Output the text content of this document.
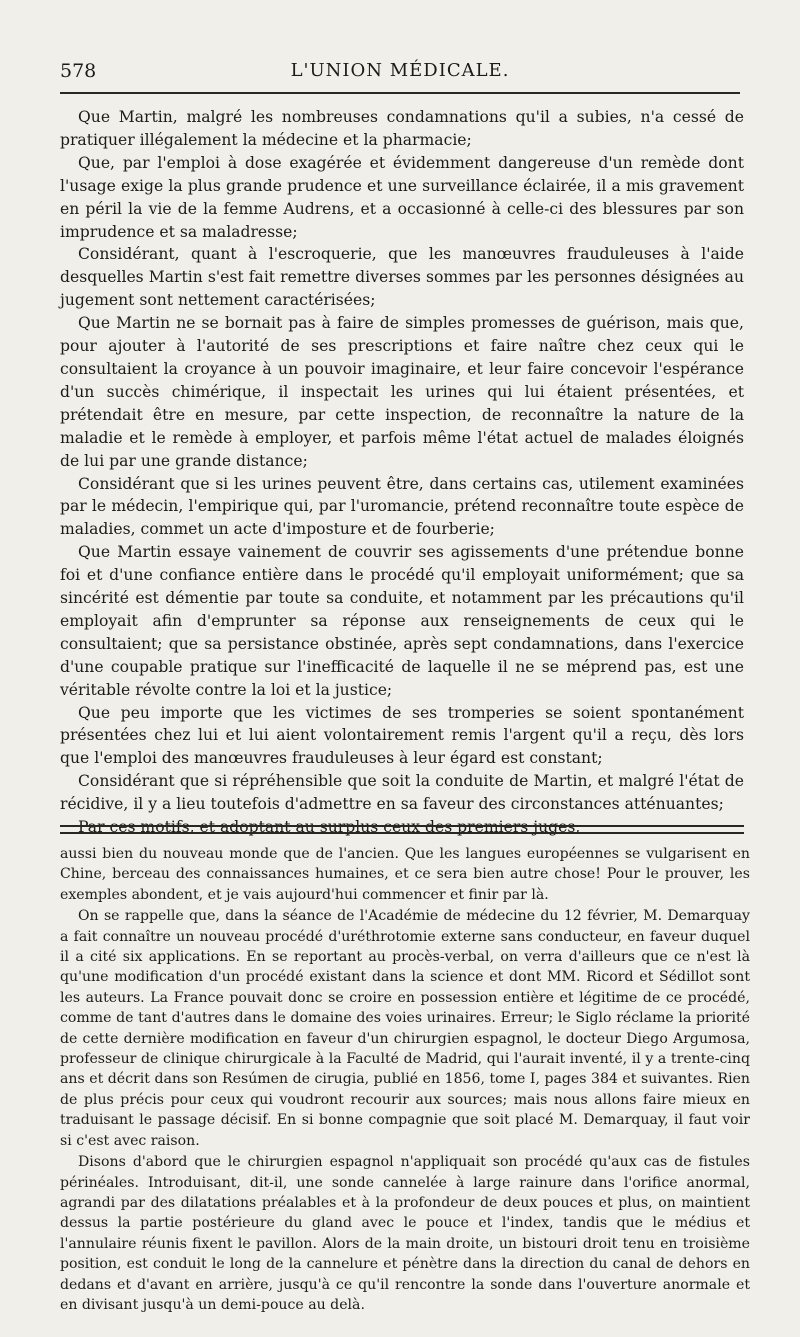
578	L'UNION MÉDICALE.

Que Martin, malgré les nombreuses condamnations qu'il a subies, n'a cessé de pratiquer illégalement la médecine et la pharmacie;

Que, par l'emploi à dose exagérée et évidemment dangereuse d'un remède dont l'usage exige la plus grande prudence et une surveillance éclairée, il a mis gravement en péril la vie de la femme Audrens, et a occasionné à celle-ci des blessures par son imprudence et sa maladresse;

Considérant, quant à l'escroquerie, que les manœuvres frauduleuses à l'aide desquelles Martin s'est fait remettre diverses sommes par les personnes désignées au jugement sont nettement caractérisées;

Que Martin ne se bornait pas à faire de simples promesses de guérison, mais que, pour ajouter à l'autorité de ses prescriptions et faire naître chez ceux qui le consultaient la croyance à un pouvoir imaginaire, et leur faire concevoir l'espérance d'un succès chimérique, il inspectait les urines qui lui étaient présentées, et prétendait être en mesure, par cette inspection, de reconnaître la nature de la maladie et le remède à employer, et parfois même l'état actuel de malades éloignés de lui par une grande distance;

Considérant que si les urines peuvent être, dans certains cas, utilement examinées par le médecin, l'empirique qui, par l'uromancie, prétend reconnaître toute espèce de maladies, commet un acte d'imposture et de fourberie;

Que Martin essaye vainement de couvrir ses agissements d'une prétendue bonne foi et d'une confiance entière dans le procédé qu'il employait uniformément; que sa sincérité est démentie par toute sa conduite, et notamment par les précautions qu'il employait afin d'emprunter sa réponse aux renseignements de ceux qui le consultaient; que sa persistance obstinée, après sept condamnations, dans l'exercice d'une coupable pratique sur l'inefficacité de laquelle il ne se méprend pas, est une véritable révolte contre la loi et la justice;

Que peu importe que les victimes de ses tromperies se soient spontanément présentées chez lui et lui aient volontairement remis l'argent qu'il a reçu, dès lors que l'emploi des manœuvres frauduleuses à leur égard est constant;

Considérant que si répréhensible que soit la conduite de Martin, et malgré l'état de récidive, il y a lieu toutefois d'admettre en sa faveur des circonstances atténuantes;

Par ces motifs, et adoptant au surplus ceux des premiers juges,

aussi bien du nouveau monde que de l'ancien. Que les langues européennes se vulgarisent en Chine, berceau des connaissances humaines, et ce sera bien autre chose! Pour le prouver, les exemples abondent, et je vais aujourd'hui commencer et finir par là.

On se rappelle que, dans la séance de l'Académie de médecine du 12 février, M. Demarquay a fait connaître un nouveau procédé d'uréthrotomie externe sans conducteur, en faveur duquel il a cité six applications. En se reportant au procès-verbal, on verra d'ailleurs que ce n'est là qu'une modification d'un procédé existant dans la science et dont MM. Ricord et Sédillot sont les auteurs. La France pouvait donc se croire en possession entière et légitime de ce procédé, comme de tant d'autres dans le domaine des voies urinaires. Erreur; le Siglo réclame la priorité de cette dernière modification en faveur d'un chirurgien espagnol, le docteur Diego Argumosa, professeur de clinique chirurgicale à la Faculté de Madrid, qui l'aurait inventé, il y a trente-cinq ans et décrit dans son Resúmen de cirugia, publié en 1856, tome I, pages 384 et suivantes. Rien de plus précis pour ceux qui voudront recourir aux sources; mais nous allons faire mieux en traduisant le passage décisif. En si bonne compagnie que soit placé M. Demarquay, il faut voir si c'est avec raison.

Disons d'abord que le chirurgien espagnol n'appliquait son procédé qu'aux cas de fistules périnéales. Introduisant, dit-il, une sonde cannelée à large rainure dans l'orifice anormal, agrandi par des dilatations préalables et à la profondeur de deux pouces et plus, on maintient dessus la partie postérieure du gland avec le pouce et l'index, tandis que le médius et l'annulaire réunis fixent le pavillon. Alors de la main droite, un bistouri droit tenu en troisième position, est conduit le long de la cannelure et pénètre dans la direction du canal de dehors en dedans et d'avant en arrière, jusqu'à ce qu'il rencontre la sonde dans l'ouverture anormale et en divisant jusqu'à un demi-pouce au delà.
